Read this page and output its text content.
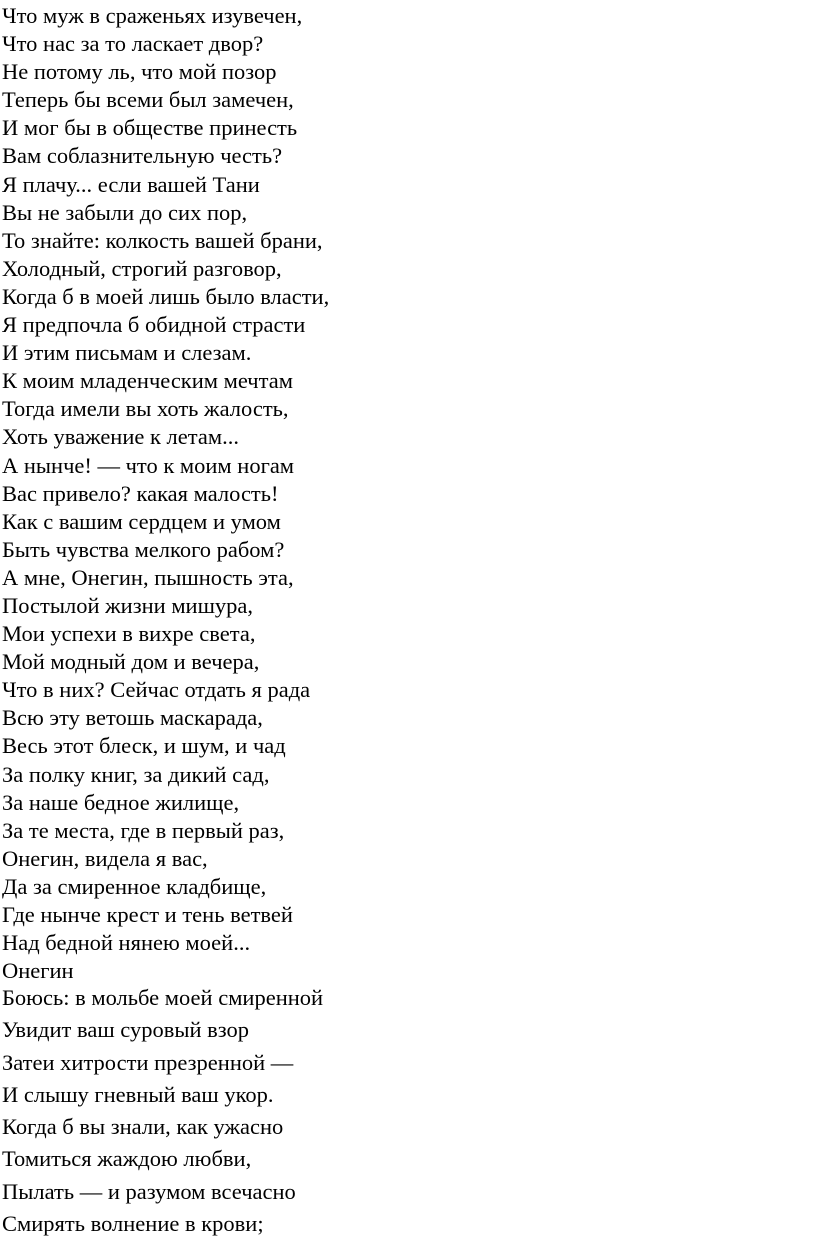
Что муж в сраженьях изувечен,
Что нас за то ласкает двор?
Не потому ль, что мой позор
Теперь бы всеми был замечен,
И мог бы в обществе принесть
Вам соблазнительную честь?
Я плачу... если вашей Тани
Вы не забыли до сих пор,
То знайте: колкость вашей брани,
Холодный, строгий разговор,
Когда б в моей лишь было власти,
Я предпочла б обидной страсти
И этим письмам и слезам.
К моим младенческим мечтам
Тогда имели вы хоть жалость,
Хоть уважение к летам...
А нынче! — что к моим ногам
Вас привело? какая малость!
Как с вашим сердцем и умом
Быть чувства мелкого рабом?
А мне, Онегин, пышность эта,
Постылой жизни мишура,
Мои успехи в вихре света,
Мой модный дом и вечера,
Что в них? Сейчас отдать я рада
Всю эту ветошь маскарада,
Весь этот блеск, и шум, и чад
За полку книг, за дикий сад,
За наше бедное жилище,
За те места, где в первый раз,
Онегин, видела я вас,
Да за смиренное кладбище,
Где нынче крест и тень ветвей
Над бедной нянею моей...
Онегин
Боюсь: в мольбе моей смиренной
Увидит ваш суровый взор
Затеи хитрости презренной —
И слышу гневный ваш укор.
Когда б вы знали, как ужасно
Томиться жаждою любви,
Пылать — и разумом всечасно
Смирять волнение в крови;
